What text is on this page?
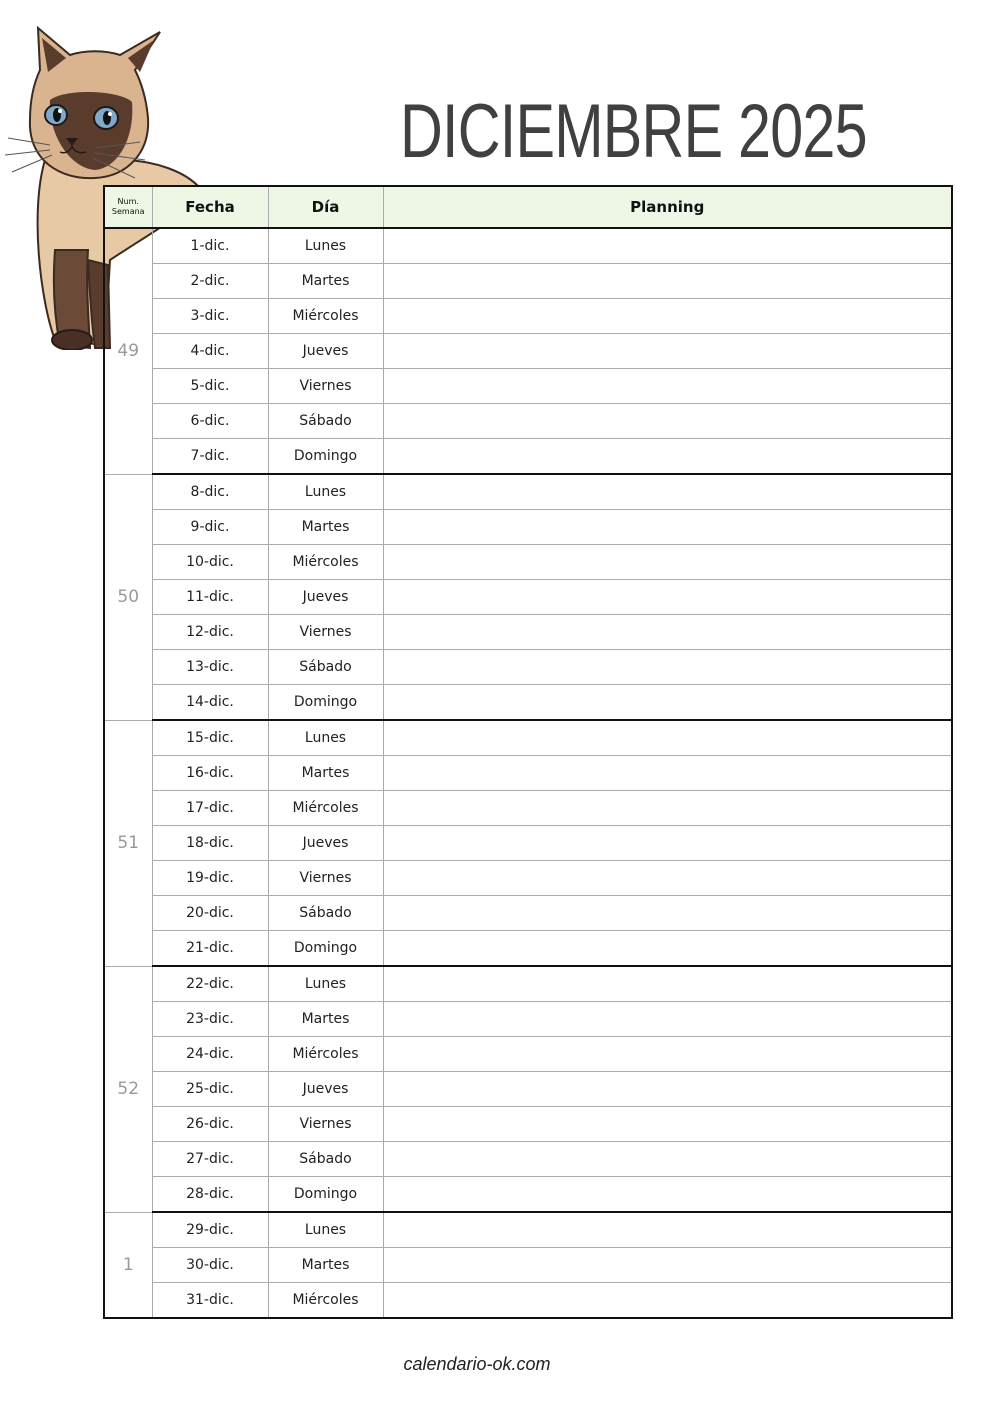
DICIEMBRE 2025
Num.
Semana	Fecha	Día	Planning
49	1-dic.	Lunes	
	2-dic.	Martes	
	3-dic.	Miércoles	
	4-dic.	Jueves	
	5-dic.	Viernes	
	6-dic.	Sábado	
	7-dic.	Domingo	
50	8-dic.	Lunes	
	9-dic.	Martes	
	10-dic.	Miércoles	
	11-dic.	Jueves	
	12-dic.	Viernes	
	13-dic.	Sábado	
	14-dic.	Domingo	
51	15-dic.	Lunes	
	16-dic.	Martes	
	17-dic.	Miércoles	
	18-dic.	Jueves	
	19-dic.	Viernes	
	20-dic.	Sábado	
	21-dic.	Domingo	
52	22-dic.	Lunes	
	23-dic.	Martes	
	24-dic.	Miércoles	
	25-dic.	Jueves	
	26-dic.	Viernes	
	27-dic.	Sábado	
	28-dic.	Domingo	
1	29-dic.	Lunes	
	30-dic.	Martes	
	31-dic.	Miércoles	
calendario-ok.com
